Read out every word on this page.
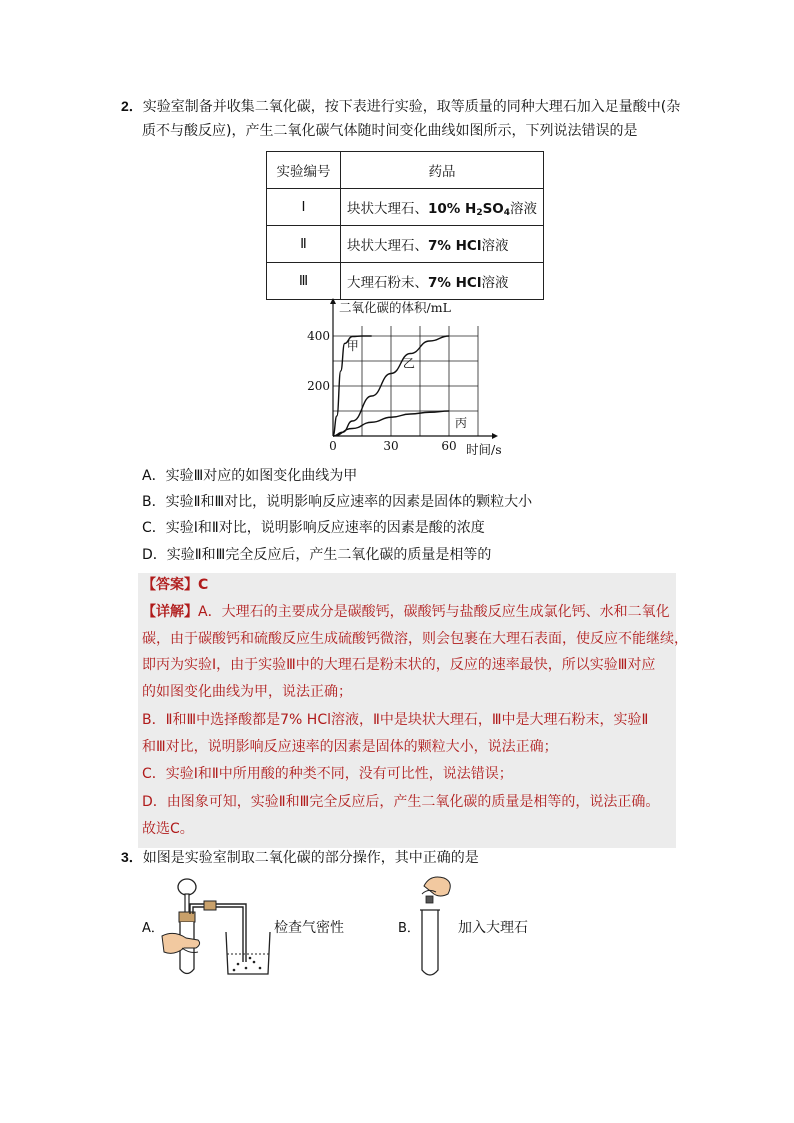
2．实验室制备并收集二氧化碳，按下表进行实验，取等质量的同种大理石加入足量酸中(杂
质不与酸反应)，产生二氧化碳气体随时间变化曲线如图所示，下列说法错误的是
实验编号	药品
Ⅰ	块状大理石、10% $H_2SO_4$溶液
Ⅱ	块状大理石、7% HCl溶液
Ⅲ	大理石粉末、7% HCl溶液
甲
乙
丙
0	30	60
200
400
二氧化碳的体积/mL
时间/s
A．实验Ⅲ对应的如图变化曲线为甲
B．实验Ⅱ和Ⅲ对比，说明影响反应速率的因素是固体的颗粒大小
C．实验Ⅰ和Ⅱ对比，说明影响反应速率的因素是酸的浓度
D．实验Ⅱ和Ⅲ完全反应后，产生二氧化碳的质量是相等的
【答案】C
【详解】A．大理石的主要成分是碳酸钙，碳酸钙与盐酸反应生成氯化钙、水和二氧化
碳，由于碳酸钙和硫酸反应生成硫酸钙微溶，则会包裹在大理石表面，使反应不能继续，
即丙为实验Ⅰ，由于实验Ⅲ中的大理石是粉末状的，反应的速率最快，所以实验Ⅲ对应
的如图变化曲线为甲，说法正确；
B．Ⅱ和Ⅲ中选择酸都是7% HCl溶液，Ⅱ中是块状大理石，Ⅲ中是大理石粉末，实验Ⅱ
和Ⅲ对比，说明影响反应速率的因素是固体的颗粒大小，说法正确；
C．实验Ⅰ和Ⅱ中所用酸的种类不同，没有可比性，说法错误；
D．由图象可知，实验Ⅱ和Ⅲ完全反应后，产生二氧化碳的质量是相等的，说法正确。
故选C。
3．如图是实验室制取二氧化碳的部分操作，其中正确的是
A．	检查气密性	B．	加入大理石
